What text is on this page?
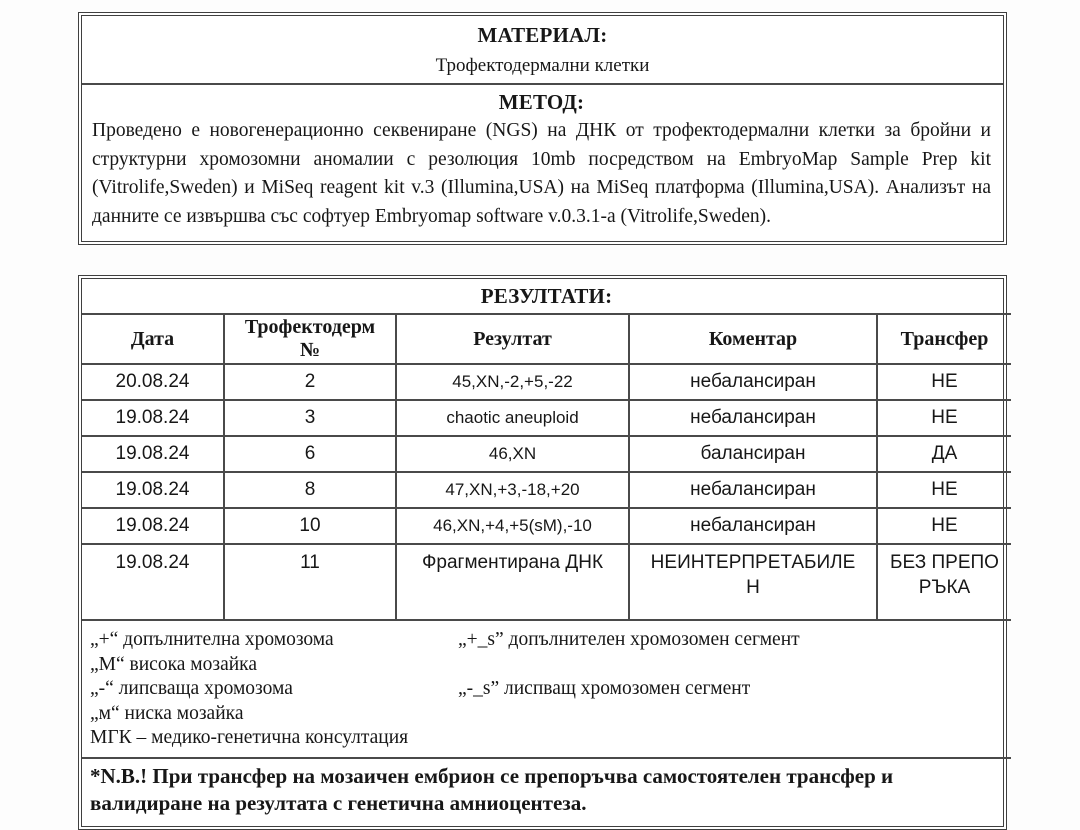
МАТЕРИАЛ:
Трофектодермални клетки

МЕТОД:

Проведено е новогенерационно секвениране (NGS) на ДНК от трофектодермални клетки за бройни и структурни хромозомни аномалии с резолюция 10mb посредством на EmbryoMap Sample Prep kit (Vitrolife,Sweden) и MiSeq reagent kit v.3 (Illumina,USA) на MiSeq платформа (Illumina,USA). Анализът на данните се извършва със софтуер Embryomap software v.0.3.1-a (Vitrolife,Sweden).

РЕЗУЛТАТИ:				
Дата	Трофектодерм №	Резултат	Коментар	Трансфер
20.08.24	2	45,XN,-2,+5,-22	небалансиран	НЕ
19.08.24	3	chaotic aneuploid	небалансиран	НЕ
19.08.24	6	46,XN	балансиран	ДА
19.08.24	8	47,XN,+3,-18,+20	небалансиран	НЕ
19.08.24	10	46,XN,+4,+5(sM),-10	небалансиран	НЕ
19.08.24	11	Фрагментирана ДНК	НЕИНТЕРПРЕТАБИЛЕН	БЕЗ ПРЕПОРЪКА

„+“ допълнителна хромозома	„+_s” допълнителен хромозомен сегмент
„М“ висока мозайка
„-“ липсваща хромозома	„-_s” лиспващ хромозомен сегмент
„м“ ниска мозайка
МГК – медико-генетична консултация

*N.B.! При трансфер на мозаичен ембрион се препоръчва самостоятелен трансфер и валидиране на резултата с генетична амниоцентеза.				
